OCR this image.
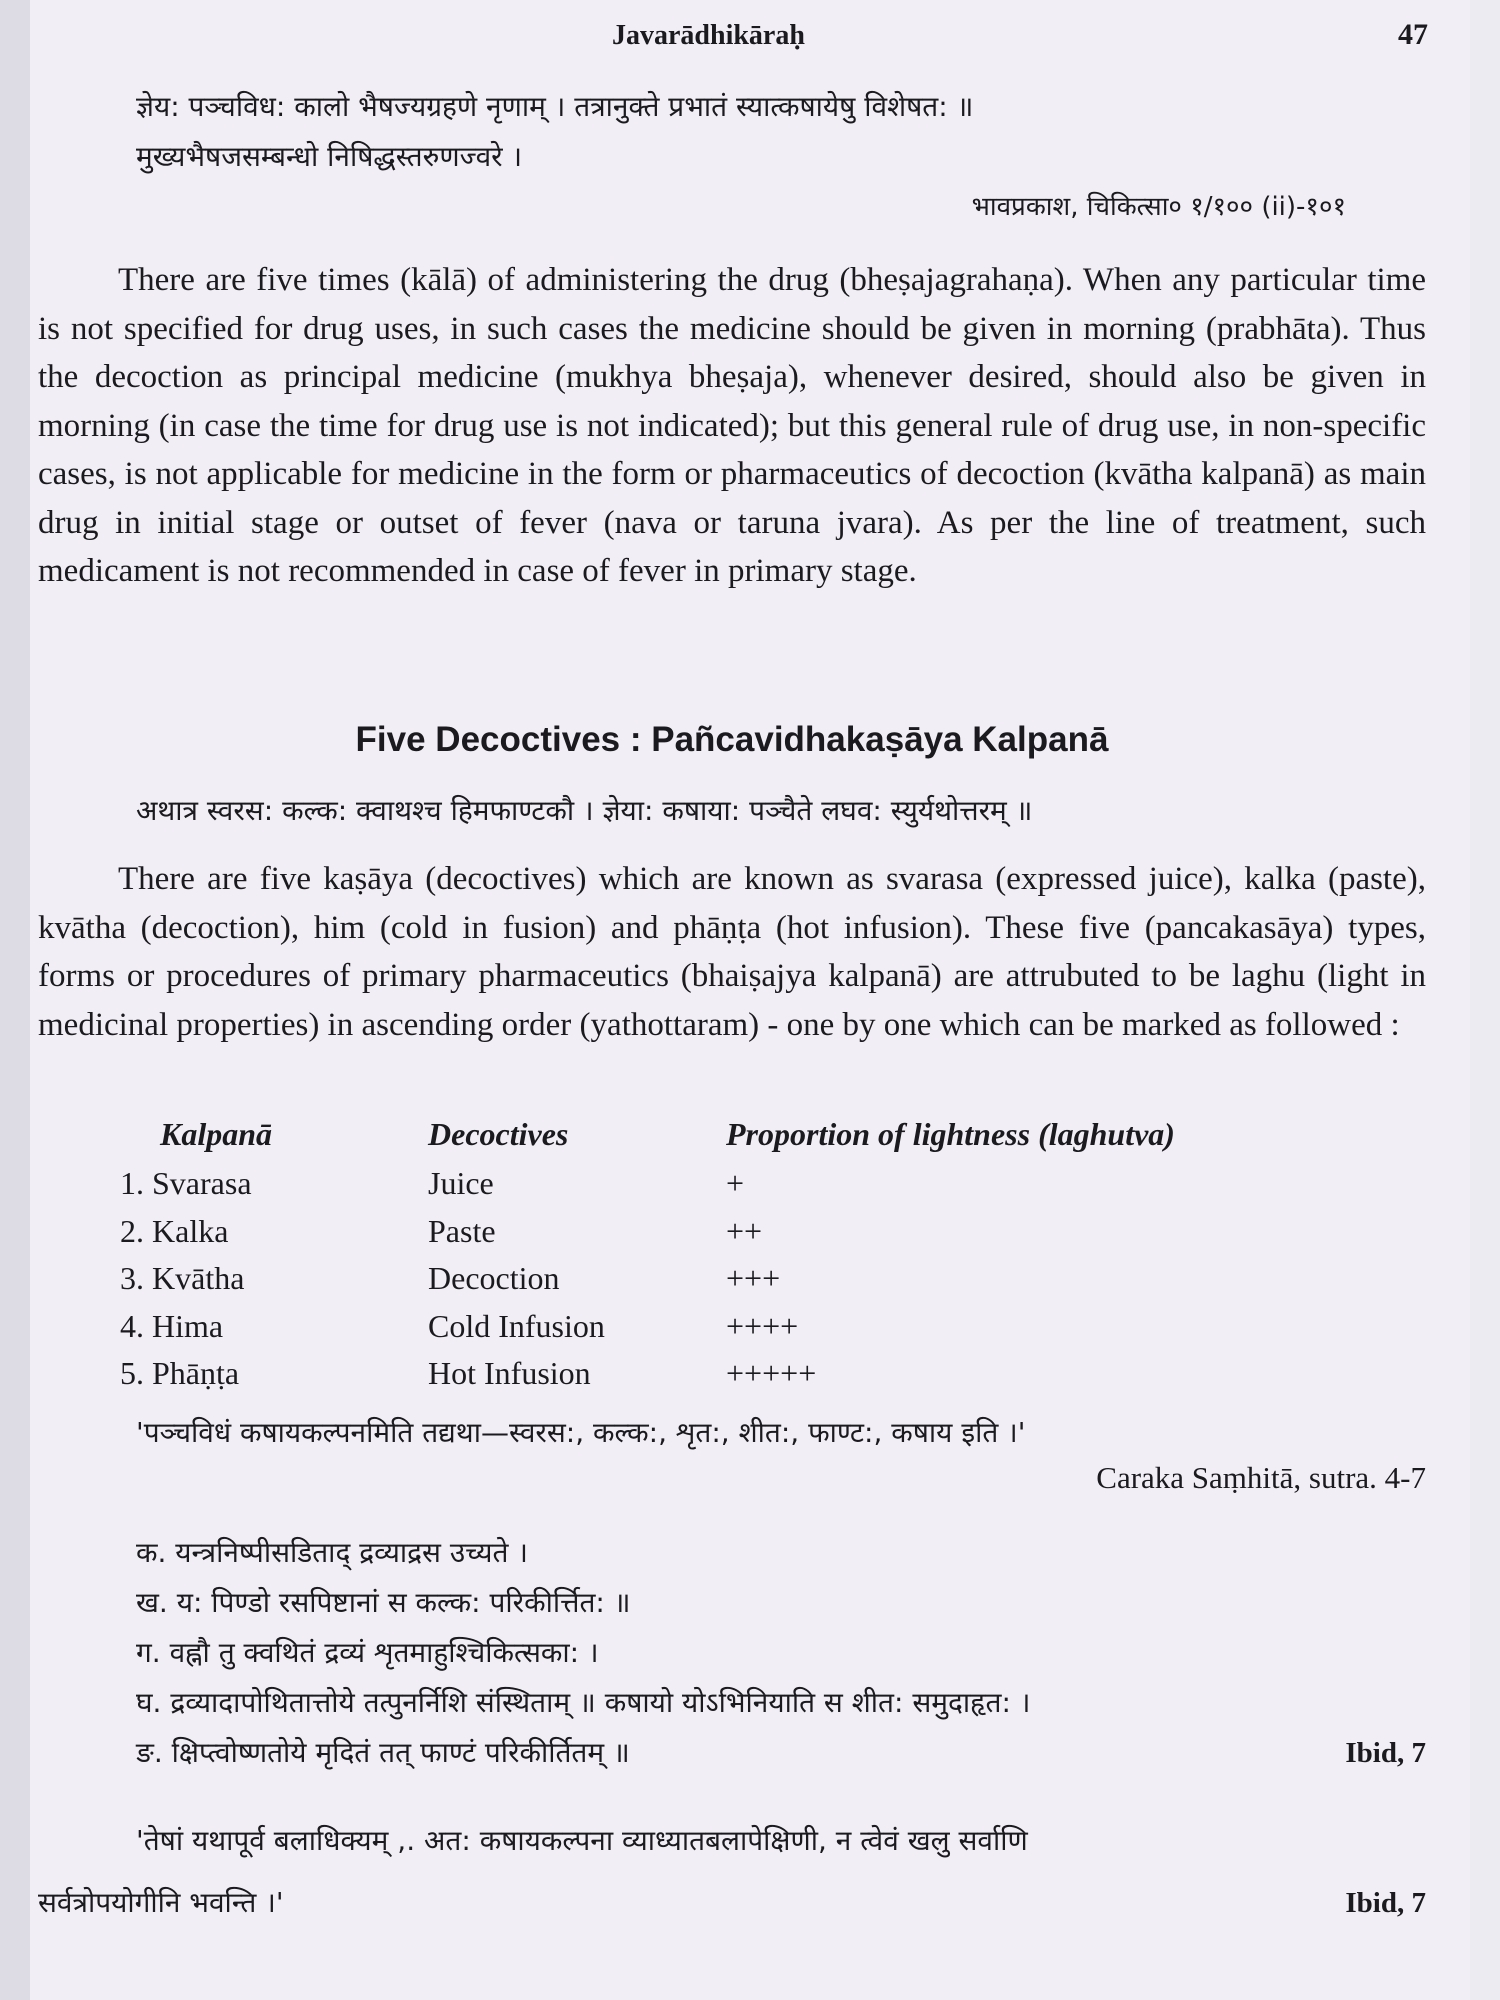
Javarādhikāraḥ	47
ज्ञेय: पञ्चविध: कालो भैषज्यग्रहणे नृणाम् । तत्रानुक्ते प्रभातं स्यात्कषायेषु विशेषत: ॥
मुख्यभैषजसम्बन्धो निषिद्धस्तरुणज्वरे ।
भावप्रकाश, चिकित्सा० १/१०० (ii)-१०१

There are five times (kālā) of administering the drug (bheṣajagrahaṇa). When any particular time is not specified for drug uses, in such cases the medicine should be given in morning (prabhāta). Thus the decoction as principal medicine (mukhya bheṣaja), whenever desired, should also be given in morning (in case the time for drug use is not indicated); but this general rule of drug use, in non-specific cases, is not applicable for medicine in the form or pharmaceutics of decoction (kvātha kalpanā) as main drug in initial stage or outset of fever (nava or taruna jvara). As per the line of treatment, such medicament is not recommended in case of fever in primary stage.

Five Decoctives : Pañcavidhakaṣāya Kalpanā

अथात्र स्वरस: कल्क: क्वाथश्च हिमफाण्टकौ । ज्ञेया: कषाया: पञ्चैते लघव: स्युर्यथोत्तरम् ॥

There are five kaṣāya (decoctives) which are known as svarasa (expressed juice), kalka (paste), kvātha (decoction), him (cold in fusion) and phāṇṭa (hot infusion). These five (pancakasāya) types, forms or procedures of primary pharmaceutics (bhaiṣajya kalpanā) are attrubuted to be laghu (light in medicinal properties) in ascending order (yathottaram) - one by one which can be marked as followed :

Kalpanā	Decoctives	Proportion of lightness (laghutva)
1. Svarasa	Juice	+
2. Kalka	Paste	++
3. Kvātha	Decoction	+++
4. Hima	Cold Infusion	++++
5. Phāṇṭa	Hot Infusion	+++++
'पञ्चविधं कषायकल्पनमिति तद्यथा—स्वरस:, कल्क:, शृत:, शीत:, फाण्ट:, कषाय इति ।'
Caraka Saṃhitā, sutra. 4-7
क. यन्त्रनिष्पीसडिताद् द्रव्याद्रस उच्यते ।
ख. य: पिण्डो रसपिष्टानां स कल्क: परिकीर्त्तित: ॥
ग. वह्नौ तु क्वथितं द्रव्यं शृतमाहुश्चिकित्सका: ।
घ. द्रव्यादापोथितात्तोये तत्पुनर्निशि संस्थिताम् ॥ कषायो योऽभिनियाति स शीत: समुदाहृत: ।
ङ. क्षिप्त्वोष्णतोये मृदितं तत् फाण्टं परिकीर्तितम् ॥	Ibid, 7
'तेषां यथापूर्व बलाधिक्यम् ,. अत: कषायकल्पना व्याध्यातबलापेक्षिणी, न त्वेवं खलु सर्वाणि
सर्वत्रोपयोगीनि भवन्ति ।'	Ibid, 7
